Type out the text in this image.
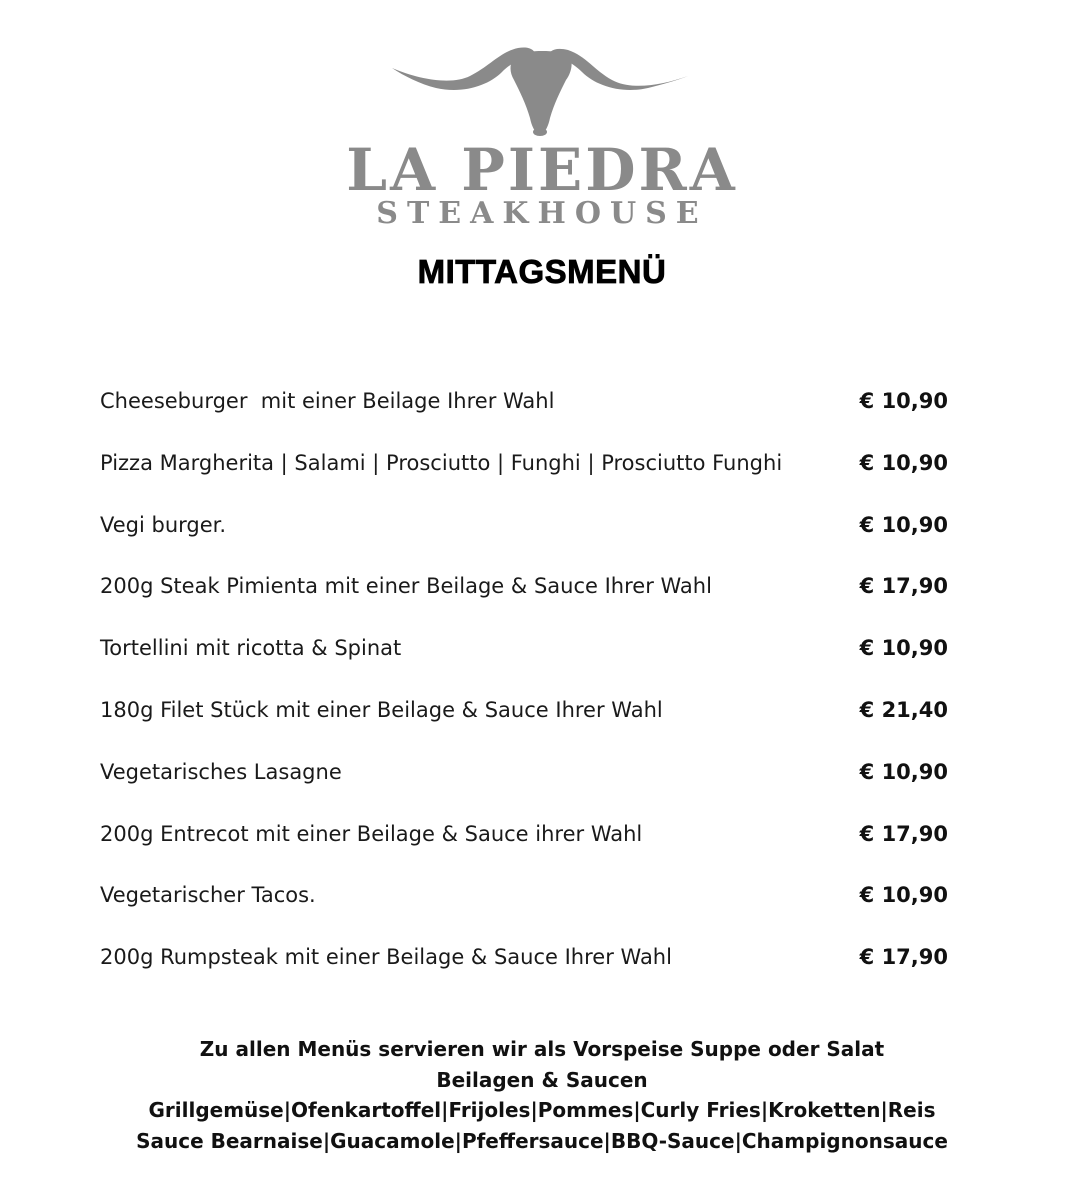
LA PIEDRA
STEAKHOUSE
MITTAGSMENÜ
Cheeseburger  mit einer Beilage Ihrer Wahl	€ 10,90
Pizza Margherita | Salami | Prosciutto | Funghi | Prosciutto Funghi	€ 10,90
Vegi burger.	€ 10,90
200g Steak Pimienta mit einer Beilage & Sauce Ihrer Wahl	€ 17,90
Tortellini mit ricotta & Spinat	€ 10,90
180g Filet Stück mit einer Beilage & Sauce Ihrer Wahl	€ 21,40
Vegetarisches Lasagne	€ 10,90
200g Entrecot mit einer Beilage & Sauce ihrer Wahl	€ 17,90
Vegetarischer Tacos.	€ 10,90
200g Rumpsteak mit einer Beilage & Sauce Ihrer Wahl	€ 17,90
Zu allen Menüs servieren wir als Vorspeise Suppe oder Salat
Beilagen & Saucen
Grillgemüse|Ofenkartoffel|Frijoles|Pommes|Curly Fries|Kroketten|Reis
Sauce Bearnaise|Guacamole|Pfeffersauce|BBQ-Sauce|Champignonsauce
